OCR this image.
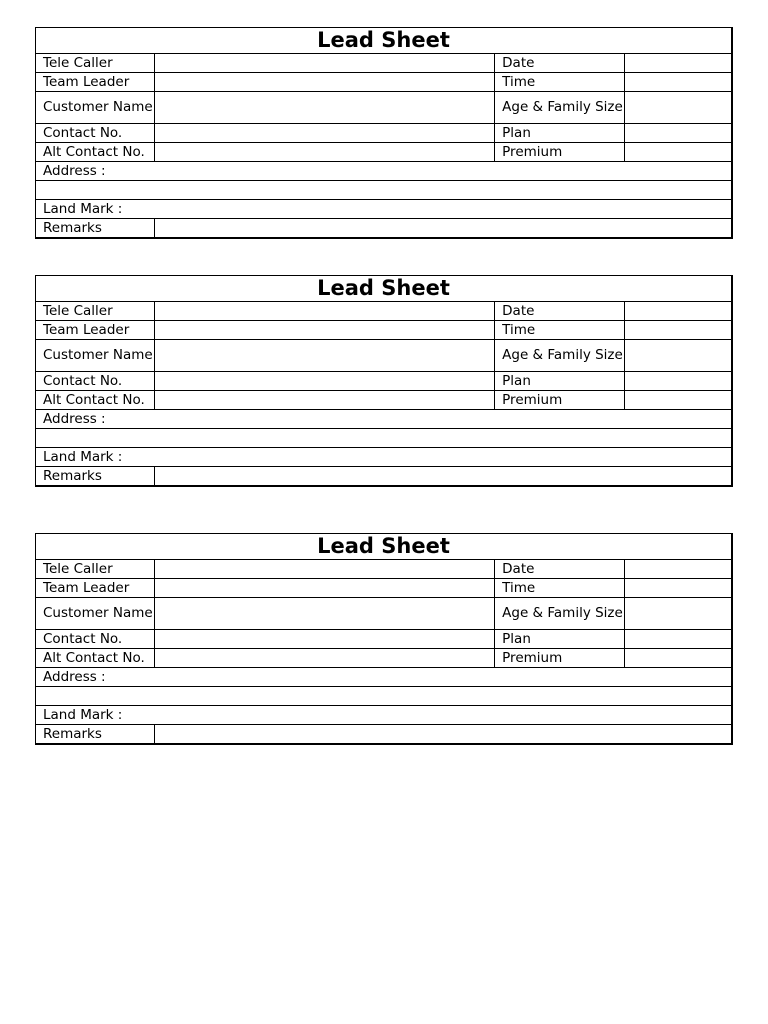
Lead Sheet			
Tele Caller		Date	
Team Leader		Time	
Customer Name		Age & Family Size	
Contact No.		Plan	
Alt Contact No.		Premium	
Address :			

Land Mark :			
Remarks			
Lead Sheet			
Tele Caller		Date	
Team Leader		Time	
Customer Name		Age & Family Size	
Contact No.		Plan	
Alt Contact No.		Premium	
Address :			

Land Mark :			
Remarks			
Lead Sheet			
Tele Caller		Date	
Team Leader		Time	
Customer Name		Age & Family Size	
Contact No.		Plan	
Alt Contact No.		Premium	
Address :			

Land Mark :			
Remarks			
